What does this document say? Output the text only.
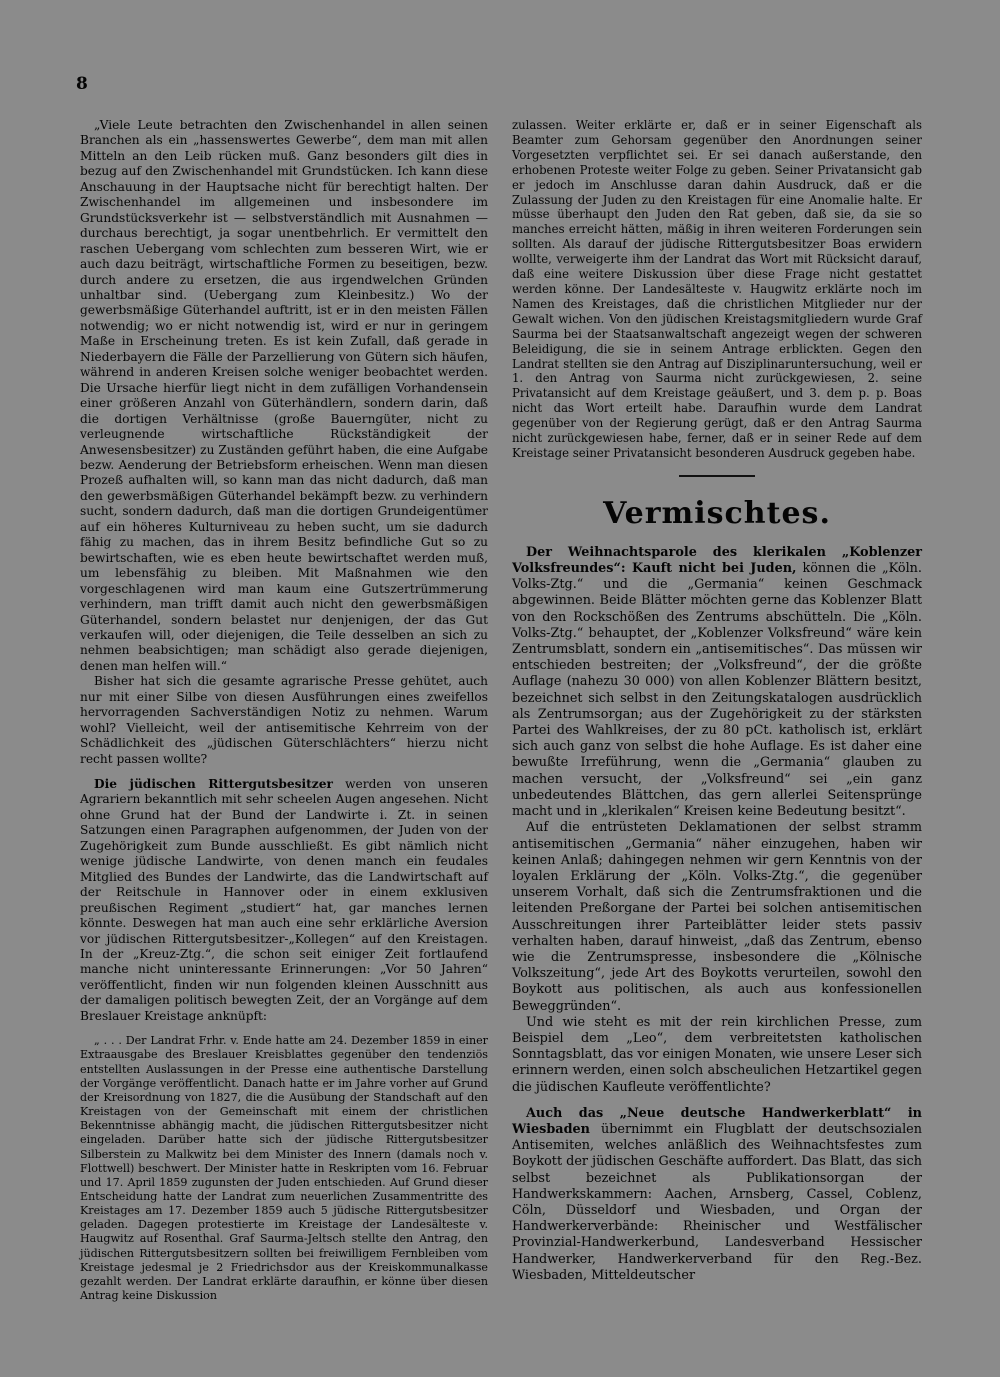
8

„Viele Leute betrachten den Zwischenhandel in allen seinen Branchen als ein „hassenswertes Gewerbe“, dem man mit allen Mitteln an den Leib rücken muß. Ganz besonders gilt dies in bezug auf den Zwischenhandel mit Grundstücken. Ich kann diese Anschauung in der Hauptsache nicht für berechtigt halten. Der Zwischenhandel im allgemeinen und insbesondere im Grundstücksverkehr ist — selbstverständlich mit Ausnahmen — durchaus berechtigt, ja sogar unentbehrlich. Er vermittelt den raschen Uebergang vom schlechten zum besseren Wirt, wie er auch dazu beiträgt, wirtschaftliche Formen zu beseitigen, bezw. durch andere zu ersetzen, die aus irgendwelchen Gründen unhaltbar sind. (Uebergang zum Kleinbesitz.) Wo der gewerbsmäßige Güterhandel auftritt, ist er in den meisten Fällen notwendig; wo er nicht notwendig ist, wird er nur in geringem Maße in Erscheinung treten. Es ist kein Zufall, daß gerade in Niederbayern die Fälle der Parzellierung von Gütern sich häufen, während in anderen Kreisen solche weniger beobachtet werden. Die Ursache hierfür liegt nicht in dem zufälligen Vorhandensein einer größeren Anzahl von Güterhändlern, sondern darin, daß die dortigen Verhältnisse (große Bauerngüter, nicht zu verleugnende wirtschaftliche Rückständigkeit der Anwesensbesitzer) zu Zuständen geführt haben, die eine Aufgabe bezw. Aenderung der Betriebsform erheischen. Wenn man diesen Prozeß aufhalten will, so kann man das nicht dadurch, daß man den gewerbsmäßigen Güterhandel bekämpft bezw. zu verhindern sucht, sondern dadurch, daß man die dortigen Grundeigentümer auf ein höheres Kulturniveau zu heben sucht, um sie dadurch fähig zu machen, das in ihrem Besitz befindliche Gut so zu bewirtschaften, wie es eben heute bewirtschaftet werden muß, um lebensfähig zu bleiben. Mit Maßnahmen wie den vorgeschlagenen wird man kaum eine Gutszertrümmerung verhindern, man trifft damit auch nicht den gewerbsmäßigen Güterhandel, sondern belastet nur denjenigen, der das Gut verkaufen will, oder diejenigen, die Teile desselben an sich zu nehmen beabsichtigen; man schädigt also gerade diejenigen, denen man helfen will.“

Bisher hat sich die gesamte agrarische Presse gehütet, auch nur mit einer Silbe von diesen Ausführungen eines zweifellos hervorragenden Sachverständigen Notiz zu nehmen. Warum wohl? Vielleicht, weil der antisemitische Kehrreim von der Schädlichkeit des „jüdischen Güterschlächters“ hierzu nicht recht passen wollte?

Die jüdischen Rittergutsbesitzer werden von unseren Agrariern bekanntlich mit sehr scheelen Augen angesehen. Nicht ohne Grund hat der Bund der Landwirte i. Zt. in seinen Satzungen einen Paragraphen aufgenommen, der Juden von der Zugehörigkeit zum Bunde ausschließt. Es gibt nämlich nicht wenige jüdische Landwirte, von denen manch ein feudales Mitglied des Bundes der Landwirte, das die Landwirtschaft auf der Reitschule in Hannover oder in einem exklusiven preußischen Regiment „studiert“ hat, gar manches lernen könnte. Deswegen hat man auch eine sehr erklärliche Aversion vor jüdischen Rittergutsbesitzer-„Kollegen“ auf den Kreistagen. In der „Kreuz-Ztg.“, die schon seit einiger Zeit fortlaufend manche nicht uninteressante Erinnerungen: „Vor 50 Jahren“ veröffentlicht, finden wir nun folgenden kleinen Ausschnitt aus der damaligen politisch bewegten Zeit, der an Vorgänge auf dem Breslauer Kreistage anknüpft:

„ . . . Der Landrat Frhr. v. Ende hatte am 24. Dezember 1859 in einer Extraausgabe des Breslauer Kreisblattes gegenüber den tendenziös entstellten Auslassungen in der Presse eine authentische Darstellung der Vorgänge veröffentlicht. Danach hatte er im Jahre vorher auf Grund der Kreisordnung von 1827, die die Ausübung der Standschaft auf den Kreistagen von der Gemeinschaft mit einem der christlichen Bekenntnisse abhängig macht, die jüdischen Rittergutsbesitzer nicht eingeladen. Darüber hatte sich der jüdische Rittergutsbesitzer Silberstein zu Malkwitz bei dem Minister des Innern (damals noch v. Flottwell) beschwert. Der Minister hatte in Reskripten vom 16. Februar und 17. April 1859 zugunsten der Juden entschieden. Auf Grund dieser Entscheidung hatte der Landrat zum neuerlichen Zusammentritte des Kreistages am 17. Dezember 1859 auch 5 jüdische Rittergutsbesitzer geladen. Dagegen protestierte im Kreistage der Landesälteste v. Haugwitz auf Rosenthal. Graf Saurma-Jeltsch stellte den Antrag, den jüdischen Rittergutsbesitzern sollten bei freiwilligem Fernbleiben vom Kreistage jedesmal je 2 Friedrichsdor aus der Kreiskommunalkasse gezahlt werden. Der Landrat erklärte daraufhin, er könne über diesen Antrag keine Diskussion

zulassen. Weiter erklärte er, daß er in seiner Eigenschaft als Beamter zum Gehorsam gegenüber den Anordnungen seiner Vorgesetzten verpflichtet sei. Er sei danach außerstande, den erhobenen Proteste weiter Folge zu geben. Seiner Privatansicht gab er jedoch im Anschlusse daran dahin Ausdruck, daß er die Zulassung der Juden zu den Kreistagen für eine Anomalie halte. Er müsse überhaupt den Juden den Rat geben, daß sie, da sie so manches erreicht hätten, mäßig in ihren weiteren Forderungen sein sollten. Als darauf der jüdische Rittergutsbesitzer Boas erwidern wollte, verweigerte ihm der Landrat das Wort mit Rücksicht darauf, daß eine weitere Diskussion über diese Frage nicht gestattet werden könne. Der Landesälteste v. Haugwitz erklärte noch im Namen des Kreistages, daß die christlichen Mitglieder nur der Gewalt wichen. Von den jüdischen Kreistagsmitgliedern wurde Graf Saurma bei der Staatsanwaltschaft angezeigt wegen der schweren Beleidigung, die sie in seinem Antrage erblickten. Gegen den Landrat stellten sie den Antrag auf Disziplinaruntersuchung, weil er 1. den Antrag von Saurma nicht zurückgewiesen, 2. seine Privatansicht auf dem Kreistage geäußert, und 3. dem p. p. Boas nicht das Wort erteilt habe. Daraufhin wurde dem Landrat gegenüber von der Regierung gerügt, daß er den Antrag Saurma nicht zurückgewiesen habe, ferner, daß er in seiner Rede auf dem Kreistage seiner Privatansicht besonderen Ausdruck gegeben habe.

Vermischtes.

Der Weihnachtsparole des klerikalen „Koblenzer Volksfreundes“: Kauft nicht bei Juden, können die „Köln. Volks-Ztg.“ und die „Germania“ keinen Geschmack abgewinnen. Beide Blätter möchten gerne das Koblenzer Blatt von den Rockschößen des Zentrums abschütteln. Die „Köln. Volks-Ztg.“ behauptet, der „Koblenzer Volksfreund“ wäre kein Zentrumsblatt, sondern ein „antisemitisches“. Das müssen wir entschieden bestreiten; der „Volksfreund“, der die größte Auflage (nahezu 30 000) von allen Koblenzer Blättern besitzt, bezeichnet sich selbst in den Zeitungskatalogen ausdrücklich als Zentrumsorgan; aus der Zugehörigkeit zu der stärksten Partei des Wahlkreises, der zu 80 pCt. katholisch ist, erklärt sich auch ganz von selbst die hohe Auflage. Es ist daher eine bewußte Irreführung, wenn die „Germania“ glauben zu machen versucht, der „Volksfreund“ sei „ein ganz unbedeutendes Blättchen, das gern allerlei Seitensprünge macht und in „klerikalen“ Kreisen keine Bedeutung besitzt“.

Auf die entrüsteten Deklamationen der selbst stramm antisemitischen „Germania“ näher einzugehen, haben wir keinen Anlaß; dahingegen nehmen wir gern Kenntnis von der loyalen Erklärung der „Köln. Volks-Ztg.“, die gegenüber unserem Vorhalt, daß sich die Zentrumsfraktionen und die leitenden Preßorgane der Partei bei solchen antisemitischen Ausschreitungen ihrer Parteiblätter leider stets passiv verhalten haben, darauf hinweist, „daß das Zentrum, ebenso wie die Zentrumspresse, insbesondere die „Kölnische Volkszeitung“, jede Art des Boykotts verurteilen, sowohl den Boykott aus politischen, als auch aus konfessionellen Beweggründen“.

Und wie steht es mit der rein kirchlichen Presse, zum Beispiel dem „Leo“, dem verbreitetsten katholischen Sonntagsblatt, das vor einigen Monaten, wie unsere Leser sich erinnern werden, einen solch abscheulichen Hetzartikel gegen die jüdischen Kaufleute veröffentlichte?

Auch das „Neue deutsche Handwerkerblatt“ in Wiesbaden übernimmt ein Flugblatt der deutschsozialen Antisemiten, welches anläßlich des Weihnachtsfestes zum Boykott der jüdischen Geschäfte auffordert. Das Blatt, das sich selbst bezeichnet als Publikationsorgan der Handwerkskammern: Aachen, Arnsberg, Cassel, Coblenz, Cöln, Düsseldorf und Wiesbaden, und Organ der Handwerkerverbände: Rheinischer und Westfälischer Provinzial-Handwerkerbund, Landesverband Hessischer Handwerker, Handwerkerverband für den Reg.-Bez. Wiesbaden, Mitteldeutscher
